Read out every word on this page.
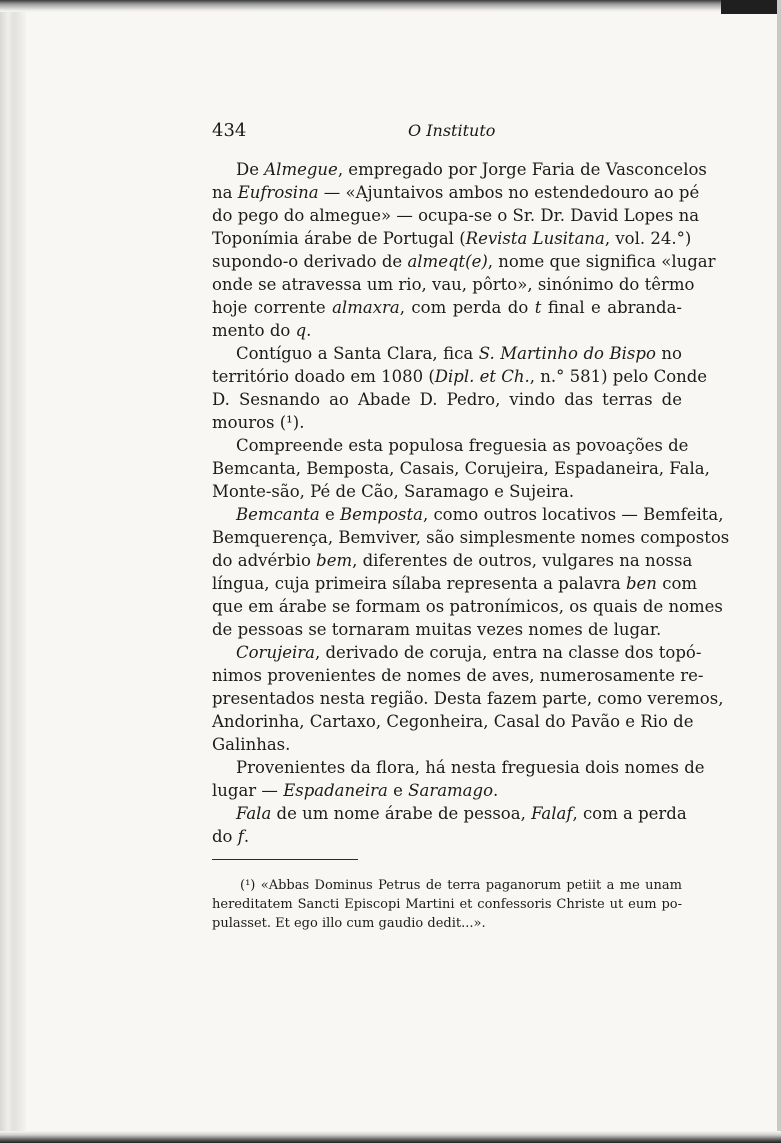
434	O Instituto
De Almegue, empregado por Jorge Faria de Vasconcelos
na Eufrosina — «Ajuntaivos ambos no estendedouro ao pé
do pego do almegue» — ocupa-se o Sr. Dr. David Lopes na
Toponímia árabe de Portugal (Revista Lusitana, vol. 24.°)
supondo-o derivado de almeqt(e), nome que significa «lugar
onde se atravessa um rio, vau, pôrto», sinónimo do têrmo
hoje corrente almaxra, com perda do t final e abranda-
mento do q.
Contíguo a Santa Clara, fica S. Martinho do Bispo no
território doado em 1080 (Dipl. et Ch., n.° 581) pelo Conde
D. Sesnando ao Abade D. Pedro, vindo das terras de
mouros (¹).
Compreende esta populosa freguesia as povoações de
Bemcanta, Bemposta, Casais, Corujeira, Espadaneira, Fala,
Monte-são, Pé de Cão, Saramago e Sujeira.
Bemcanta e Bemposta, como outros locativos — Bemfeita,
Bemquerença, Bemviver, são simplesmente nomes compostos
do advérbio bem, diferentes de outros, vulgares na nossa
língua, cuja primeira sílaba representa a palavra ben com
que em árabe se formam os patronímicos, os quais de nomes
de pessoas se tornaram muitas vezes nomes de lugar.
Corujeira, derivado de coruja, entra na classe dos topó-
nimos provenientes de nomes de aves, numerosamente re-
presentados nesta região. Desta fazem parte, como veremos,
Andorinha, Cartaxo, Cegonheira, Casal do Pavão e Rio de
Galinhas.
Provenientes da flora, há nesta freguesia dois nomes de
lugar — Espadaneira e Saramago.
Fala de um nome árabe de pessoa, Falaf, com a perda
do f.
(¹) «Abbas Dominus Petrus de terra paganorum petiit a me unam
hereditatem Sancti Episcopi Martini et confessoris Christe ut eum po-
pulasset. Et ego illo cum gaudio dedit...».
